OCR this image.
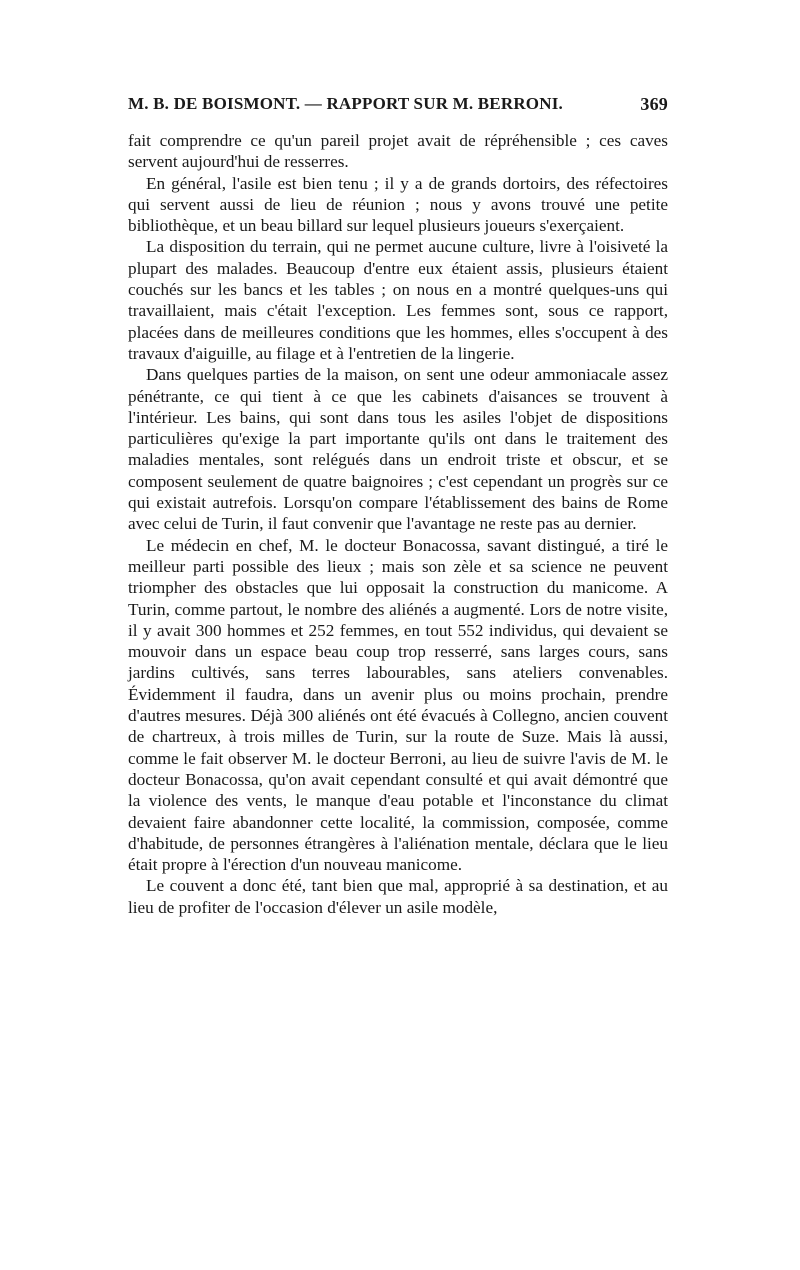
M. B. DE BOISMONT. — RAPPORT SUR M. BERRONI.	369

fait comprendre ce qu'un pareil projet avait de répréhensible ; ces caves servent aujourd'hui de resserres.

En général, l'asile est bien tenu ; il y a de grands dortoirs, des réfectoires qui servent aussi de lieu de réunion ; nous y avons trouvé une petite bibliothèque, et un beau billard sur lequel plusieurs joueurs s'exerçaient.

La disposition du terrain, qui ne permet aucune culture, livre à l'oisiveté la plupart des malades. Beaucoup d'entre eux étaient assis, plusieurs étaient couchés sur les bancs et les tables ; on nous en a montré quelques-uns qui travaillaient, mais c'était l'exception. Les femmes sont, sous ce rapport, placées dans de meilleures conditions que les hommes, elles s'occupent à des travaux d'aiguille, au filage et à l'entretien de la lingerie.

Dans quelques parties de la maison, on sent une odeur ammoniacale assez pénétrante, ce qui tient à ce que les cabinets d'aisances se trouvent à l'intérieur. Les bains, qui sont dans tous les asiles l'objet de dispositions particulières qu'exige la part importante qu'ils ont dans le traitement des maladies mentales, sont relégués dans un endroit triste et obscur, et se composent seulement de quatre baignoires ; c'est cependant un progrès sur ce qui existait autrefois. Lorsqu'on compare l'établissement des bains de Rome avec celui de Turin, il faut convenir que l'avantage ne reste pas au dernier.

Le médecin en chef, M. le docteur Bonacossa, savant distingué, a tiré le meilleur parti possible des lieux ; mais son zèle et sa science ne peuvent triompher des obstacles que lui opposait la construction du manicome. A Turin, comme partout, le nombre des aliénés a augmenté. Lors de notre visite, il y avait 300 hommes et 252 femmes, en tout 552 individus, qui devaient se mouvoir dans un espace beau coup trop resserré, sans larges cours, sans jardins cultivés, sans terres labourables, sans ateliers convenables. Évidemment il faudra, dans un avenir plus ou moins prochain, prendre d'autres mesures. Déjà 300 aliénés ont été évacués à Collegno, ancien couvent de chartreux, à trois milles de Turin, sur la route de Suze. Mais là aussi, comme le fait observer M. le docteur Berroni, au lieu de suivre l'avis de M. le docteur Bonacossa, qu'on avait cependant consulté et qui avait démontré que la violence des vents, le manque d'eau potable et l'inconstance du climat devaient faire abandonner cette localité, la commission, composée, comme d'habitude, de personnes étrangères à l'aliénation mentale, déclara que le lieu était propre à l'érection d'un nouveau manicome.

Le couvent a donc été, tant bien que mal, approprié à sa destination, et au lieu de profiter de l'occasion d'élever un asile modèle,
